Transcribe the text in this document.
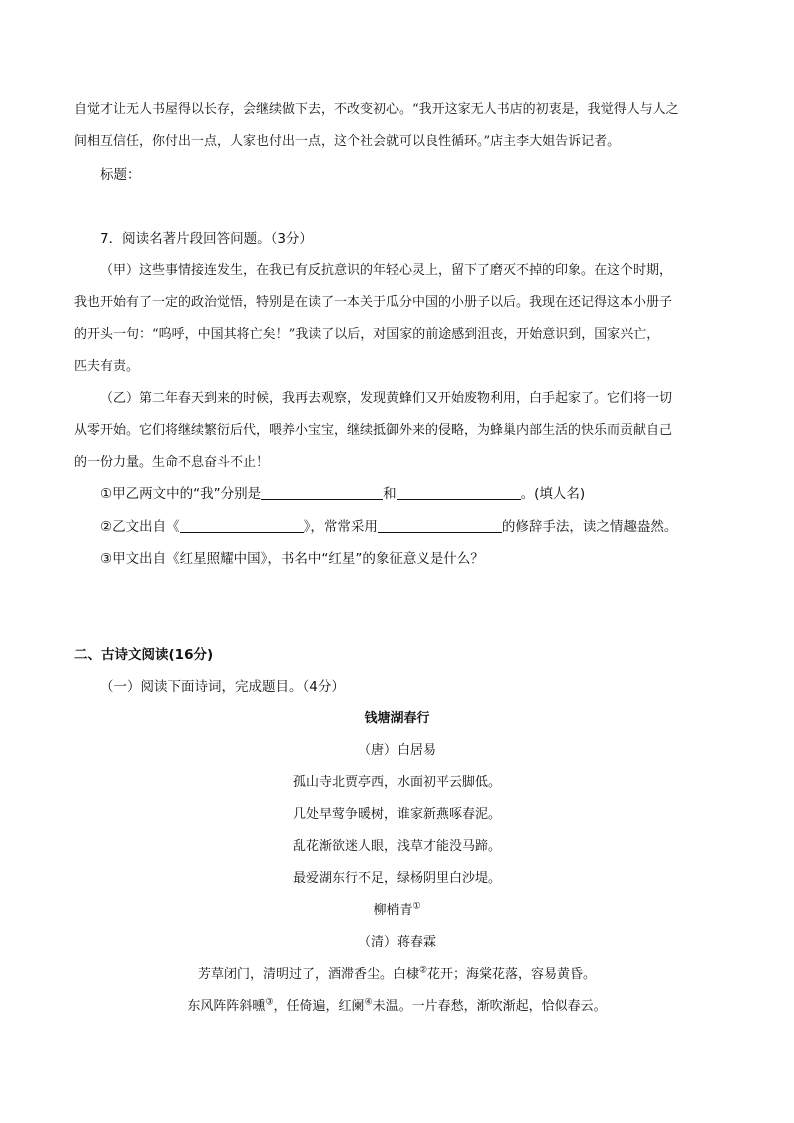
自觉才让无人书屋得以长存，会继续做下去，不改变初心。“我开这家无人书店的初衷是，我觉得人与人之
间相互信任，你付出一点，人家也付出一点，这个社会就可以良性循环。”店主李大姐告诉记者。
标题：
7．阅读名著片段回答问题。（3分）
（甲）这些事情接连发生，在我已有反抗意识的年轻心灵上，留下了磨灭不掉的印象。在这个时期，
我也开始有了一定的政治觉悟，特别是在读了一本关于瓜分中国的小册子以后。我现在还记得这本小册子
的开头一句：“呜呼，中国其将亡矣！”我读了以后，对国家的前途感到沮丧，开始意识到，国家兴亡，
匹夫有责。
（乙）第二年春天到来的时候，我再去观察，发现黄蜂们又开始废物利用，白手起家了。它们将一切
从零开始。它们将继续繁衍后代，喂养小宝宝，继续抵御外来的侵略，为蜂巢内部生活的快乐而贡献自己
的一份力量。生命不息奋斗不止！
①甲乙两文中的“我”分别是	和	。(填人名)
②乙文出自《	》，常常采用	的修辞手法，读之情趣盎然。
③甲文出自《红星照耀中国》，书名中“红星”的象征意义是什么？
二、古诗文阅读(16分)
（一）阅读下面诗词，完成题目。（4分）
钱塘湖春行
（唐）白居易
孤山寺北贾亭西，水面初平云脚低。
几处早莺争暖树，谁家新燕啄春泥。
乱花渐欲迷人眼，浅草才能没马蹄。
最爱湖东行不足，绿杨阴里白沙堤。
柳梢青①
（清）蒋春霖
芳草闭门，清明过了，酒滞香尘。白棣②花开；海棠花落，容易黄昏。
东风阵阵斜曛③，任倚遍，红阑④未温。一片春愁，渐吹渐起，恰似春云。
